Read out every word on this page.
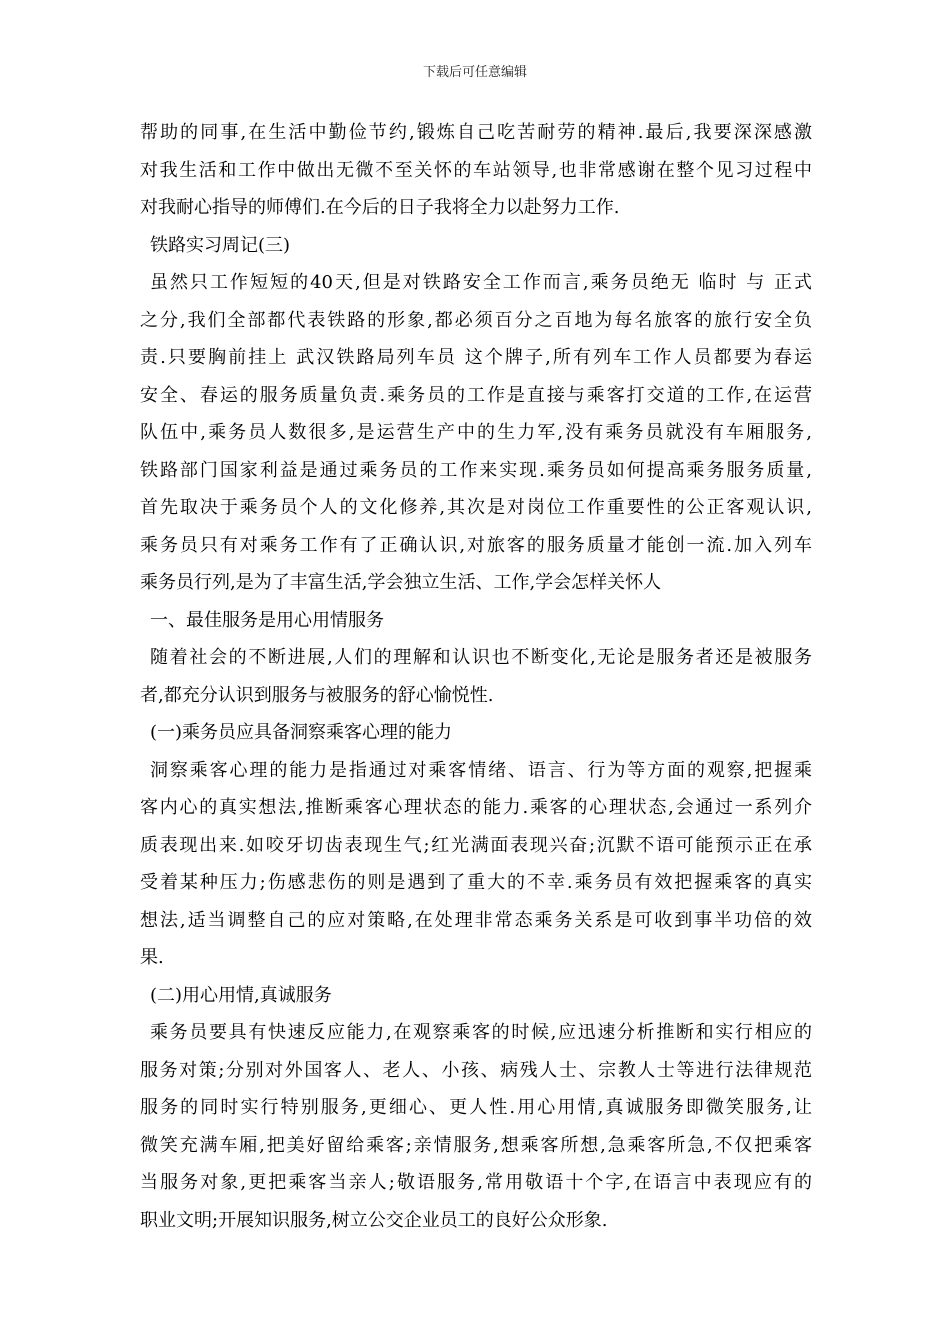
下载后可任意编辑
帮助的同事,在生活中勤俭节约,锻炼自己吃苦耐劳的精神.最后,我要深深感激
对我生活和工作中做出无微不至关怀的车站领导,也非常感谢在整个见习过程中
对我耐心指导的师傅们.在今后的日子我将全力以赴努力工作.
铁路实习周记(三)
虽然只工作短短的40天,但是对铁路安全工作而言,乘务员绝无 临时 与 正式
之分,我们全部都代表铁路的形象,都必须百分之百地为每名旅客的旅行安全负
责.只要胸前挂上 武汉铁路局列车员 这个牌子,所有列车工作人员都要为春运
安全、春运的服务质量负责.乘务员的工作是直接与乘客打交道的工作,在运营
队伍中,乘务员人数很多,是运营生产中的生力军,没有乘务员就没有车厢服务,
铁路部门国家利益是通过乘务员的工作来实现.乘务员如何提高乘务服务质量,
首先取决于乘务员个人的文化修养,其次是对岗位工作重要性的公正客观认识,
乘务员只有对乘务工作有了正确认识,对旅客的服务质量才能创一流.加入列车
乘务员行列,是为了丰富生活,学会独立生活、工作,学会怎样关怀人
一、最佳服务是用心用情服务
随着社会的不断进展,人们的理解和认识也不断变化,无论是服务者还是被服务
者,都充分认识到服务与被服务的舒心愉悦性.
(一)乘务员应具备洞察乘客心理的能力
洞察乘客心理的能力是指通过对乘客情绪、语言、行为等方面的观察,把握乘
客内心的真实想法,推断乘客心理状态的能力.乘客的心理状态,会通过一系列介
质表现出来.如咬牙切齿表现生气;红光满面表现兴奋;沉默不语可能预示正在承
受着某种压力;伤感悲伤的则是遇到了重大的不幸.乘务员有效把握乘客的真实
想法,适当调整自己的应对策略,在处理非常态乘务关系是可收到事半功倍的效
果.
(二)用心用情,真诚服务
乘务员要具有快速反应能力,在观察乘客的时候,应迅速分析推断和实行相应的
服务对策;分别对外国客人、老人、小孩、病残人士、宗教人士等进行法律规范
服务的同时实行特别服务,更细心、更人性.用心用情,真诚服务即微笑服务,让
微笑充满车厢,把美好留给乘客;亲情服务,想乘客所想,急乘客所急,不仅把乘客
当服务对象,更把乘客当亲人;敬语服务,常用敬语十个字,在语言中表现应有的
职业文明;开展知识服务,树立公交企业员工的良好公众形象.
